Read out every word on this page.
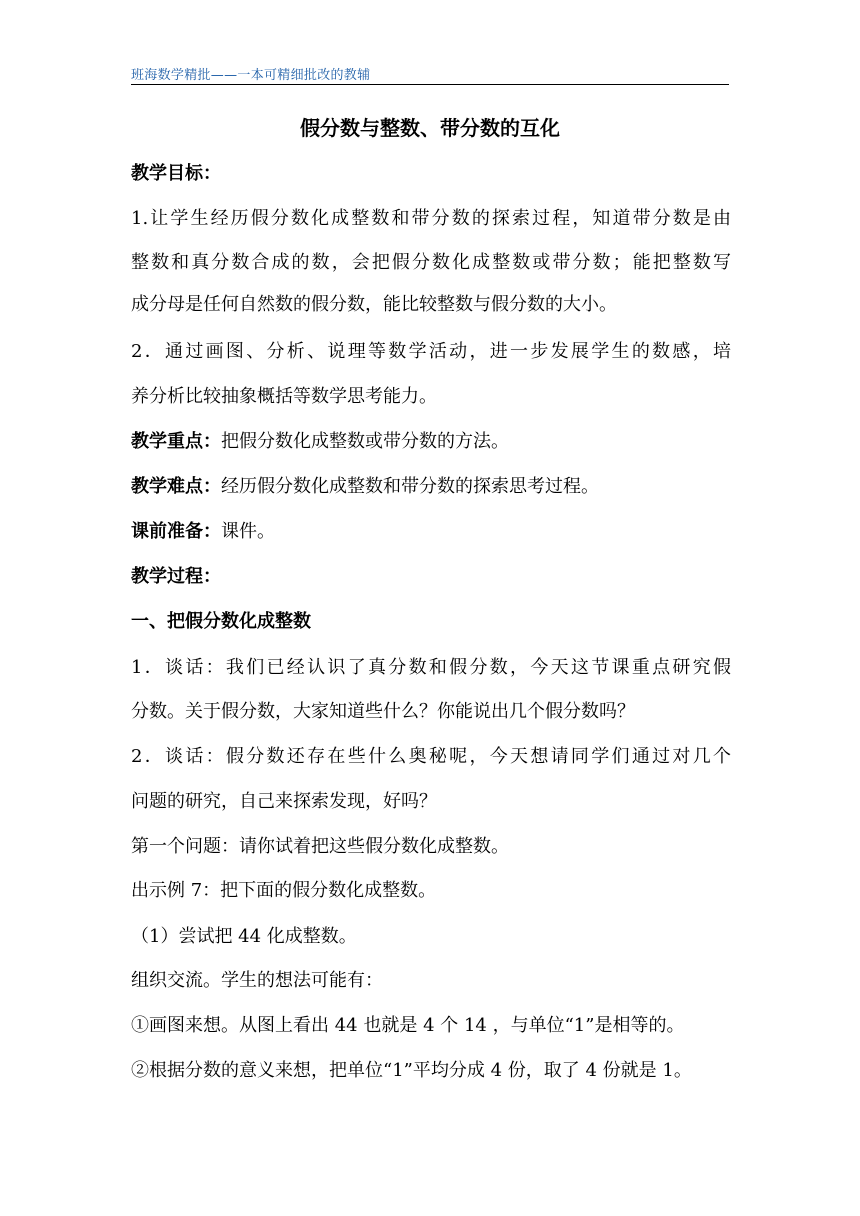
班海数学精批——一本可精细批改的教辅
假分数与整数、带分数的互化
教学目标：
1.让学生经历假分数化成整数和带分数的探索过程，知道带分数是由
整数和真分数合成的数，会把假分数化成整数或带分数；能把整数写
成分母是任何自然数的假分数，能比较整数与假分数的大小。
2．通过画图、分析、说理等数学活动，进一步发展学生的数感，培
养分析比较抽象概括等数学思考能力。
教学重点：把假分数化成整数或带分数的方法。
教学难点：经历假分数化成整数和带分数的探索思考过程。
课前准备：课件。
教学过程：
一、把假分数化成整数
1．谈话：我们已经认识了真分数和假分数，今天这节课重点研究假
分数。关于假分数，大家知道些什么？你能说出几个假分数吗？
2．谈话：假分数还存在些什么奥秘呢，今天想请同学们通过对几个
问题的研究，自己来探索发现，好吗？
第一个问题：请你试着把这些假分数化成整数。
出示例 7：把下面的假分数化成整数。
（1）尝试把 44 化成整数。
组织交流。学生的想法可能有：
①画图来想。从图上看出 44 也就是 4 个 14 ，与单位“1”是相等的。
②根据分数的意义来想，把单位“1”平均分成 4 份，取了 4 份就是 1。
